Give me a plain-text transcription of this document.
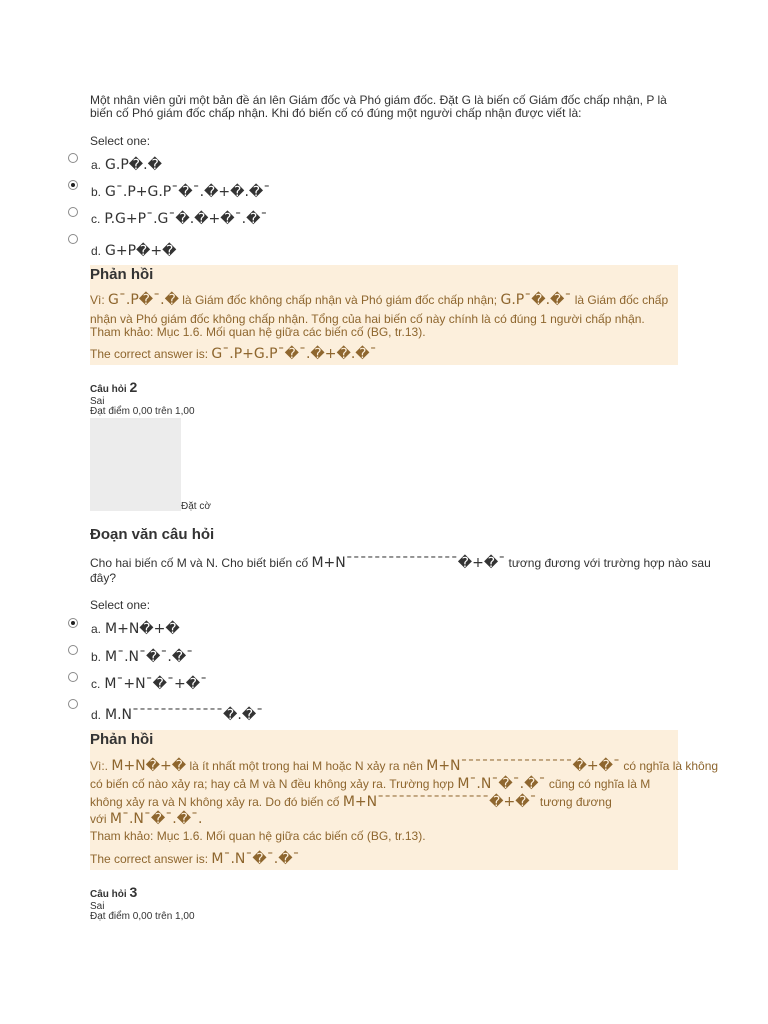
Một nhân viên gửi một bản đề án lên Giám đốc và Phó giám đốc. Đặt G là biến cố Giám đốc chấp nhận, P là
biến cố Phó giám đốc chấp nhận. Khi đó biến cố có đúng một người chấp nhận được viết là:
Select one:
a. G.P�.�
b. G¯.P+G.P¯�¯.�+�.�¯
c. P.G+P¯.G¯�.�+�¯.�¯
d. G+P�+�
Phản hồi
Vì: G¯.P�¯.� là Giám đốc không chấp nhận và Phó giám đốc chấp nhận; G.P¯�.�¯ là Giám đốc chấp
nhận và Phó giám đốc không chấp nhận. Tổng của hai biến cố này chính là có đúng 1 người chấp nhận.
Tham khảo: Mục 1.6. Mối quan hệ giữa các biến cố (BG, tr.13).
The correct answer is: G¯.P+G.P¯�¯.�+�.�¯
Câu hỏi 2
Sai
Đạt điểm 0,00 trên 1,00
Đặt cờ
Đoạn văn câu hỏi
Cho hai biến cố M và N. Cho biết biến cố M+N¯¯¯¯¯¯¯¯¯¯¯¯¯¯¯¯�+�¯ tương đương với trường hợp nào sau
đây?
Select one:
a. M+N�+�
b. M¯.N¯�¯.�¯
c. M¯+N¯�¯+�¯
d. M.N¯¯¯¯¯¯¯¯¯¯¯¯¯�.�¯
Phản hồi
Vì:. M+N�+� là ít nhất một trong hai M hoặc N xảy ra nên M+N¯¯¯¯¯¯¯¯¯¯¯¯¯¯¯¯�+�¯ có nghĩa là không
có biến cố nào xảy ra; hay cả M và N đều không xảy ra. Trường hợp M¯.N¯�¯.�¯ cũng có nghĩa là M
không xảy ra và N không xảy ra. Do đó biến cố M+N¯¯¯¯¯¯¯¯¯¯¯¯¯¯¯¯�+�¯ tương đương
với M¯.N¯�¯.�¯.
Tham khảo: Mục 1.6. Mối quan hệ giữa các biến cố (BG, tr.13).
The correct answer is: M¯.N¯�¯.�¯
Câu hỏi 3
Sai
Đạt điểm 0,00 trên 1,00
